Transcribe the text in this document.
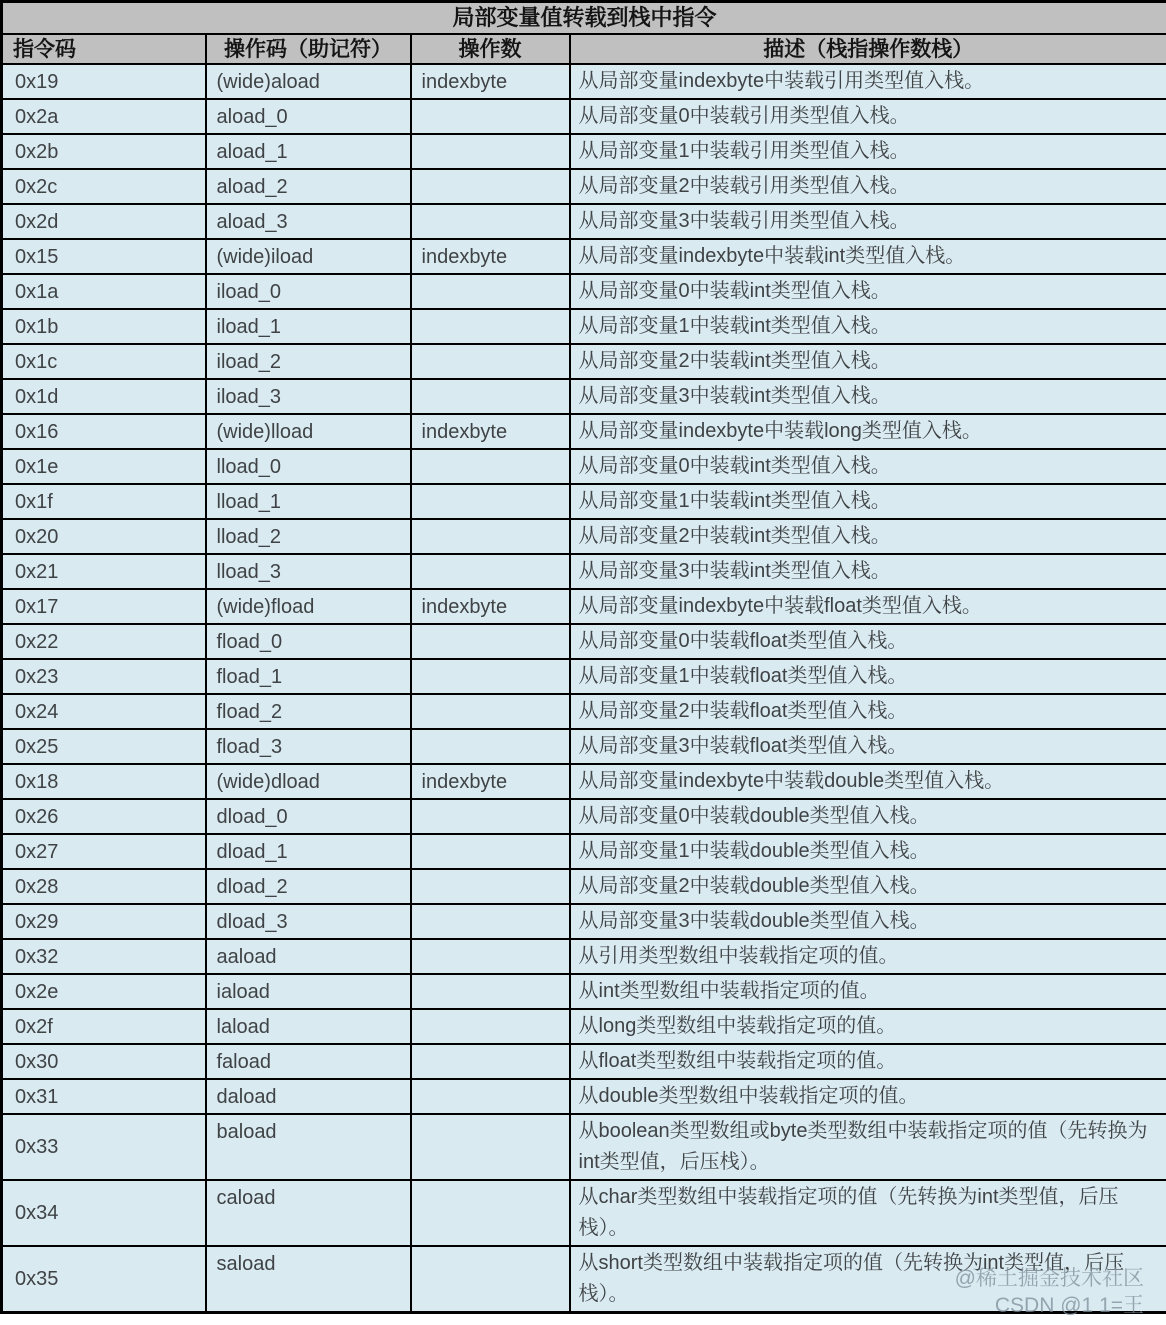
局部变量值转载到栈中指令			
指令码	操作码（助记符）	操作数	描述（栈指操作数栈）
0x19	(wide)aload	indexbyte	从局部变量indexbyte中装载引用类型值入栈。
0x2a	aload_0		从局部变量0中装载引用类型值入栈。
0x2b	aload_1		从局部变量1中装载引用类型值入栈。
0x2c	aload_2		从局部变量2中装载引用类型值入栈。
0x2d	aload_3		从局部变量3中装载引用类型值入栈。
0x15	(wide)iload	indexbyte	从局部变量indexbyte中装载int类型值入栈。
0x1a	iload_0		从局部变量0中装载int类型值入栈。
0x1b	iload_1		从局部变量1中装载int类型值入栈。
0x1c	iload_2		从局部变量2中装载int类型值入栈。
0x1d	iload_3		从局部变量3中装载int类型值入栈。
0x16	(wide)lload	indexbyte	从局部变量indexbyte中装载long类型值入栈。
0x1e	lload_0		从局部变量0中装载int类型值入栈。
0x1f	lload_1		从局部变量1中装载int类型值入栈。
0x20	lload_2		从局部变量2中装载int类型值入栈。
0x21	lload_3		从局部变量3中装载int类型值入栈。
0x17	(wide)fload	indexbyte	从局部变量indexbyte中装载float类型值入栈。
0x22	fload_0		从局部变量0中装载float类型值入栈。
0x23	fload_1		从局部变量1中装载float类型值入栈。
0x24	fload_2		从局部变量2中装载float类型值入栈。
0x25	fload_3		从局部变量3中装载float类型值入栈。
0x18	(wide)dload	indexbyte	从局部变量indexbyte中装载double类型值入栈。
0x26	dload_0		从局部变量0中装载double类型值入栈。
0x27	dload_1		从局部变量1中装载double类型值入栈。
0x28	dload_2		从局部变量2中装载double类型值入栈。
0x29	dload_3		从局部变量3中装载double类型值入栈。
0x32	aaload		从引用类型数组中装载指定项的值。
0x2e	iaload		从int类型数组中装载指定项的值。
0x2f	laload		从long类型数组中装载指定项的值。
0x30	faload		从float类型数组中装载指定项的值。
0x31	daload		从double类型数组中装载指定项的值。
0x33	baload		从boolean类型数组或byte类型数组中装载指定项的值（先转换为int类型值，后压栈）。
0x34	caload		从char类型数组中装载指定项的值（先转换为int类型值，后压栈）。
0x35	saload		从short类型数组中装载指定项的值（先转换为int类型值，后压栈）。
@稀土掘金技术社区
CSDN @1 1=王
